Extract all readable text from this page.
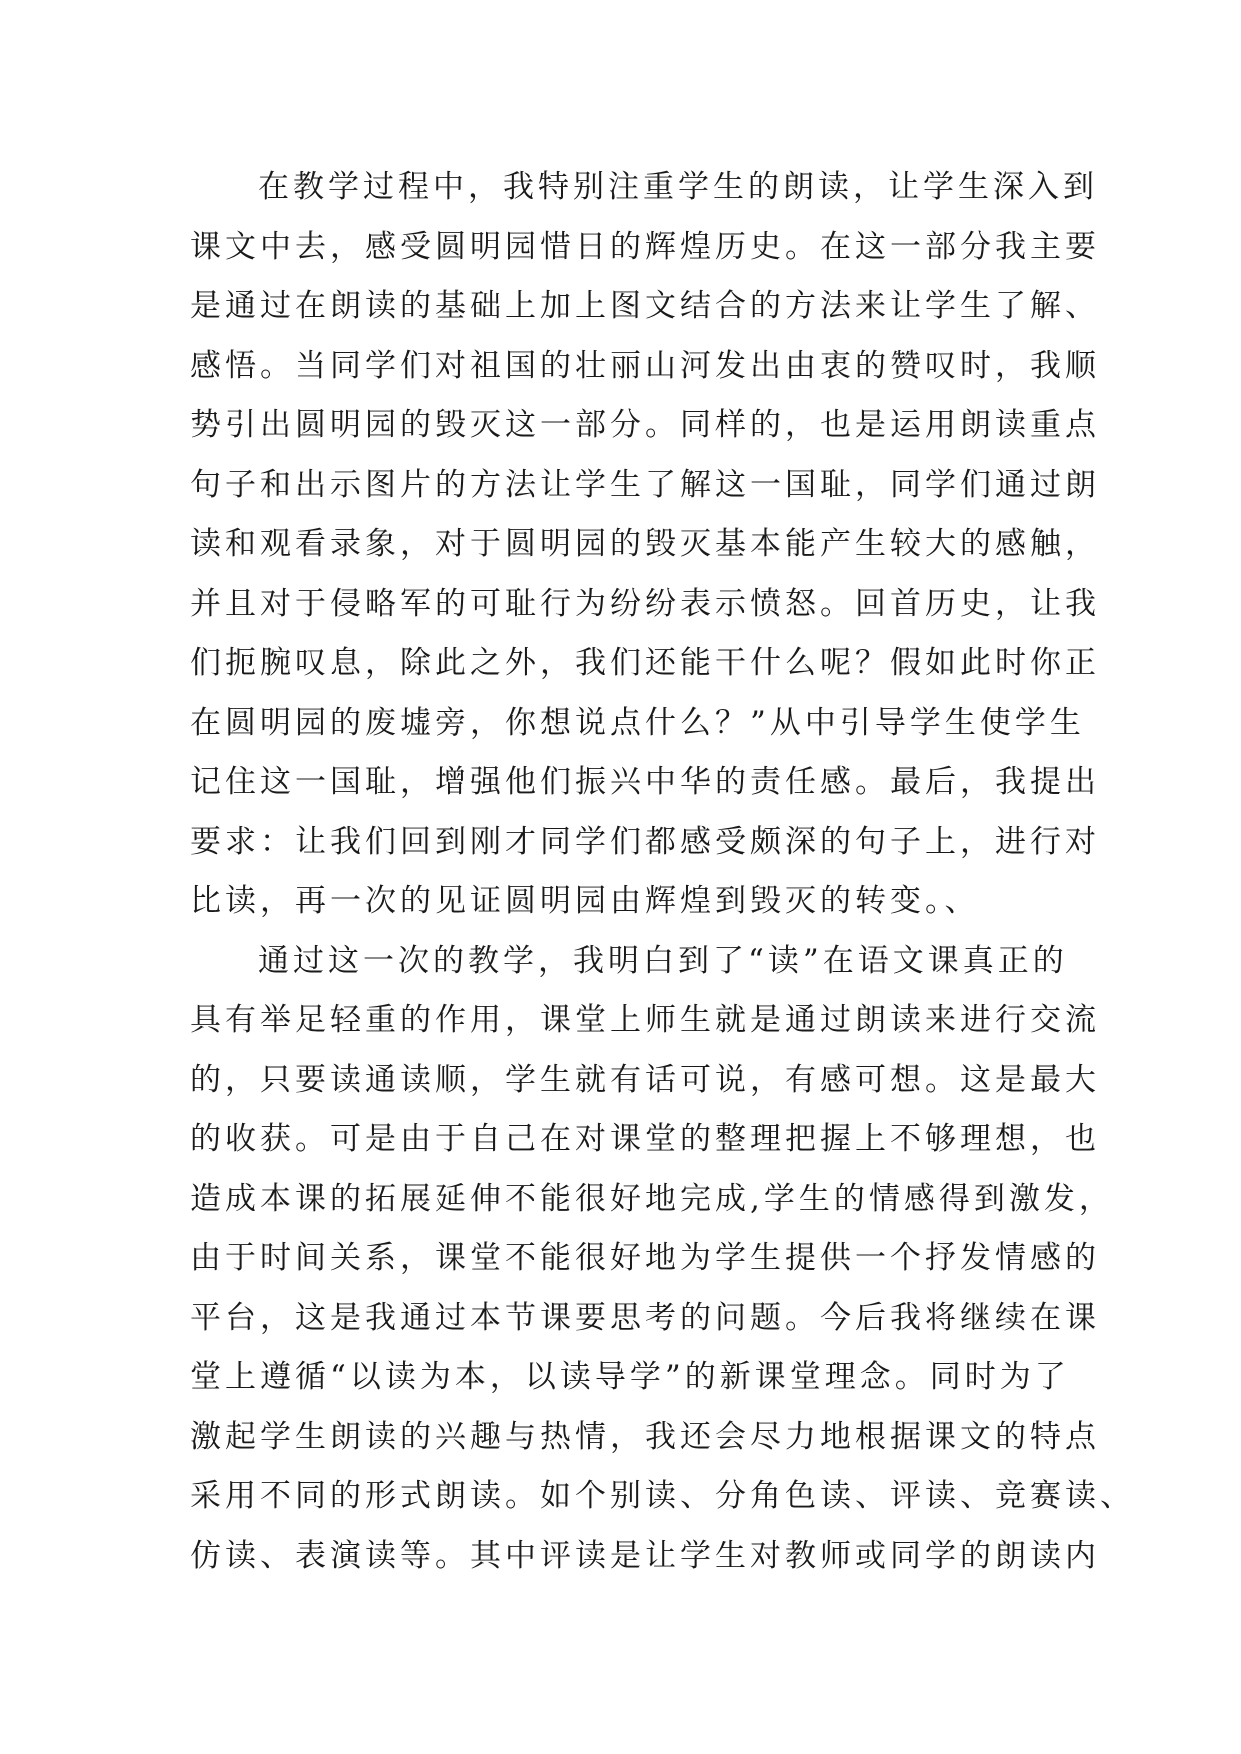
在教学过程中，我特别注重学生的朗读，让学生深入到
课文中去，感受圆明园惜日的辉煌历史。在这一部分我主要
是通过在朗读的基础上加上图文结合的方法来让学生了解、
感悟。当同学们对祖国的壮丽山河发出由衷的赞叹时，我顺
势引出圆明园的毁灭这一部分。同样的，也是运用朗读重点
句子和出示图片的方法让学生了解这一国耻，同学们通过朗
读和观看录象，对于圆明园的毁灭基本能产生较大的感触，
并且对于侵略军的可耻行为纷纷表示愤怒。回首历史，让我
们扼腕叹息，除此之外，我们还能干什么呢？假如此时你正
在圆明园的废墟旁，你想说点什么？”从中引导学生使学生
记住这一国耻，增强他们振兴中华的责任感。最后，我提出
要求：让我们回到刚才同学们都感受颇深的句子上，进行对
比读，再一次的见证圆明园由辉煌到毁灭的转变。、
通过这一次的教学，我明白到了“读”在语文课真正的
具有举足轻重的作用，课堂上师生就是通过朗读来进行交流
的，只要读通读顺，学生就有话可说，有感可想。这是最大
的收获。可是由于自己在对课堂的整理把握上不够理想，也
造成本课的拓展延伸不能很好地完成,学生的情感得到激发，
由于时间关系，课堂不能很好地为学生提供一个抒发情感的
平台，这是我通过本节课要思考的问题。今后我将继续在课
堂上遵循“以读为本，以读导学”的新课堂理念。同时为了
激起学生朗读的兴趣与热情，我还会尽力地根据课文的特点
采用不同的形式朗读。如个别读、分角色读、评读、竞赛读、
仿读、表演读等。其中评读是让学生对教师或同学的朗读内
